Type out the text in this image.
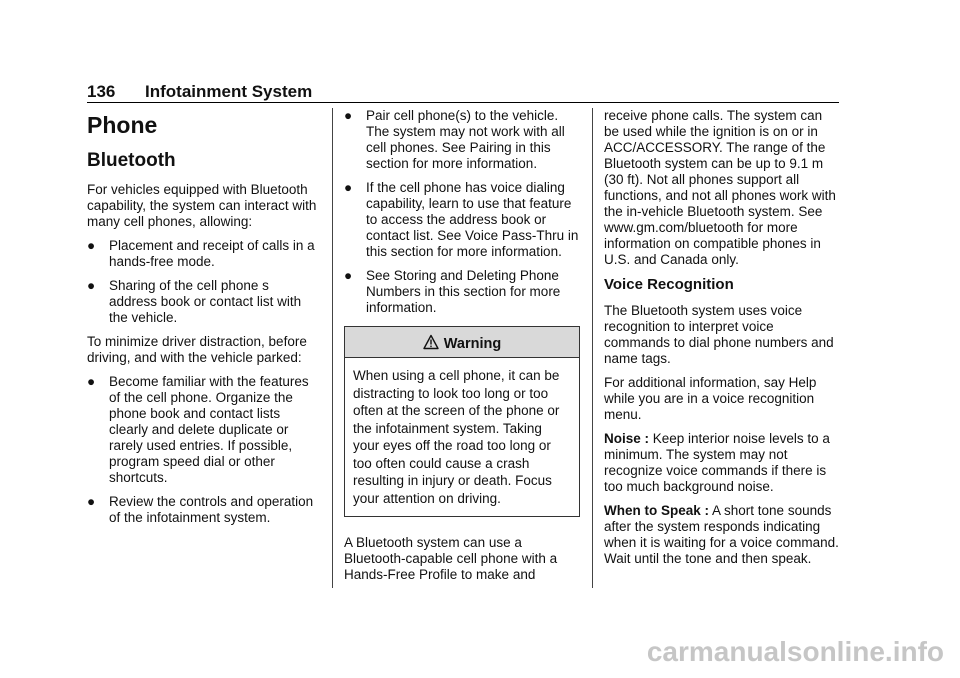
136 Infotainment System
Phone
Bluetooth

For vehicles equipped with Bluetooth capability, the system can interact with many cell phones, allowing:

● Placement and receipt of calls in a hands-free mode.
● Sharing of the cell phone s address book or contact list with the vehicle.

To minimize driver distraction, before driving, and with the vehicle parked:

● Become familiar with the features of the cell phone. Organize the phone book and contact lists clearly and delete duplicate or rarely used entries. If possible, program speed dial or other shortcuts.
● Review the controls and operation of the infotainment system.
● Pair cell phone(s) to the vehicle. The system may not work with all cell phones. See Pairing in this section for more information.
● If the cell phone has voice dialing capability, learn to use that feature to access the address book or contact list. See Voice Pass-Thru in this section for more information.
● See Storing and Deleting Phone Numbers in this section for more information.
Warning
When using a cell phone, it can be distracting to look too long or too often at the screen of the phone or the infotainment system. Taking your eyes off the road too long or too often could cause a crash resulting in injury or death. Focus your attention on driving.

A Bluetooth system can use a Bluetooth-capable cell phone with a Hands-Free Profile to make and

receive phone calls. The system can be used while the ignition is on or in ACC/ACCESSORY. The range of the Bluetooth system can be up to 9.1 m (30 ft). Not all phones support all functions, and not all phones work with the in-vehicle Bluetooth system. See www.gm.com/bluetooth for more information on compatible phones in U.S. and Canada only.

Voice Recognition

The Bluetooth system uses voice recognition to interpret voice commands to dial phone numbers and name tags.

For additional information, say Help while you are in a voice recognition menu.

Noise : Keep interior noise levels to a minimum. The system may not recognize voice commands if there is too much background noise.

When to Speak : A short tone sounds after the system responds indicating when it is waiting for a voice command. Wait until the tone and then speak.

carmanualsonline.info
